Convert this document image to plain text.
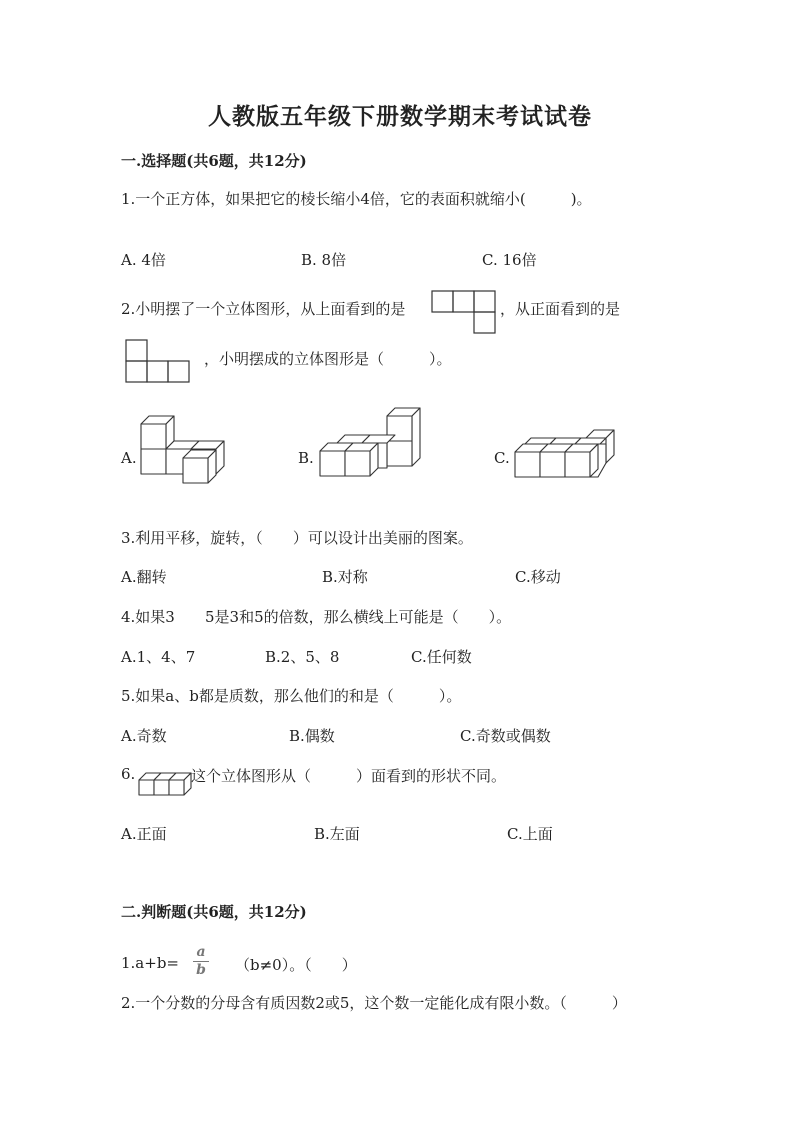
人教版五年级下册数学期末考试试卷
一.选择题(共6题，共12分)
1.一个正方体，如果把它的棱长缩小4倍，它的表面积就缩小(　　　)。
A. 4倍	B. 8倍	C. 16倍
2.小明摆了一个立体图形，从上面看到的是	，从正面看到的是
，小明摆成的立体图形是（　　　）。
A.	B.	C.
3.利用平移，旋转，（　　）可以设计出美丽的图案。
A.翻转	B.对称	C.移动
4.如果3 5是3和5的倍数，那么横线上可能是（　　）。
A.1、4、7	B.2、5、8	C.任何数
5.如果a、b都是质数，那么他们的和是（　　　）。
A.奇数	B.偶数	C.奇数或偶数
6.	这个立体图形从（　　　）面看到的形状不同。
A.正面	B.左面	C.上面
二.判断题(共6题，共12分)
1.a+b=
a
b （b≠0）。（　　）
2.一个分数的分母含有质因数2或5，这个数一定能化成有限小数。（　　　）
